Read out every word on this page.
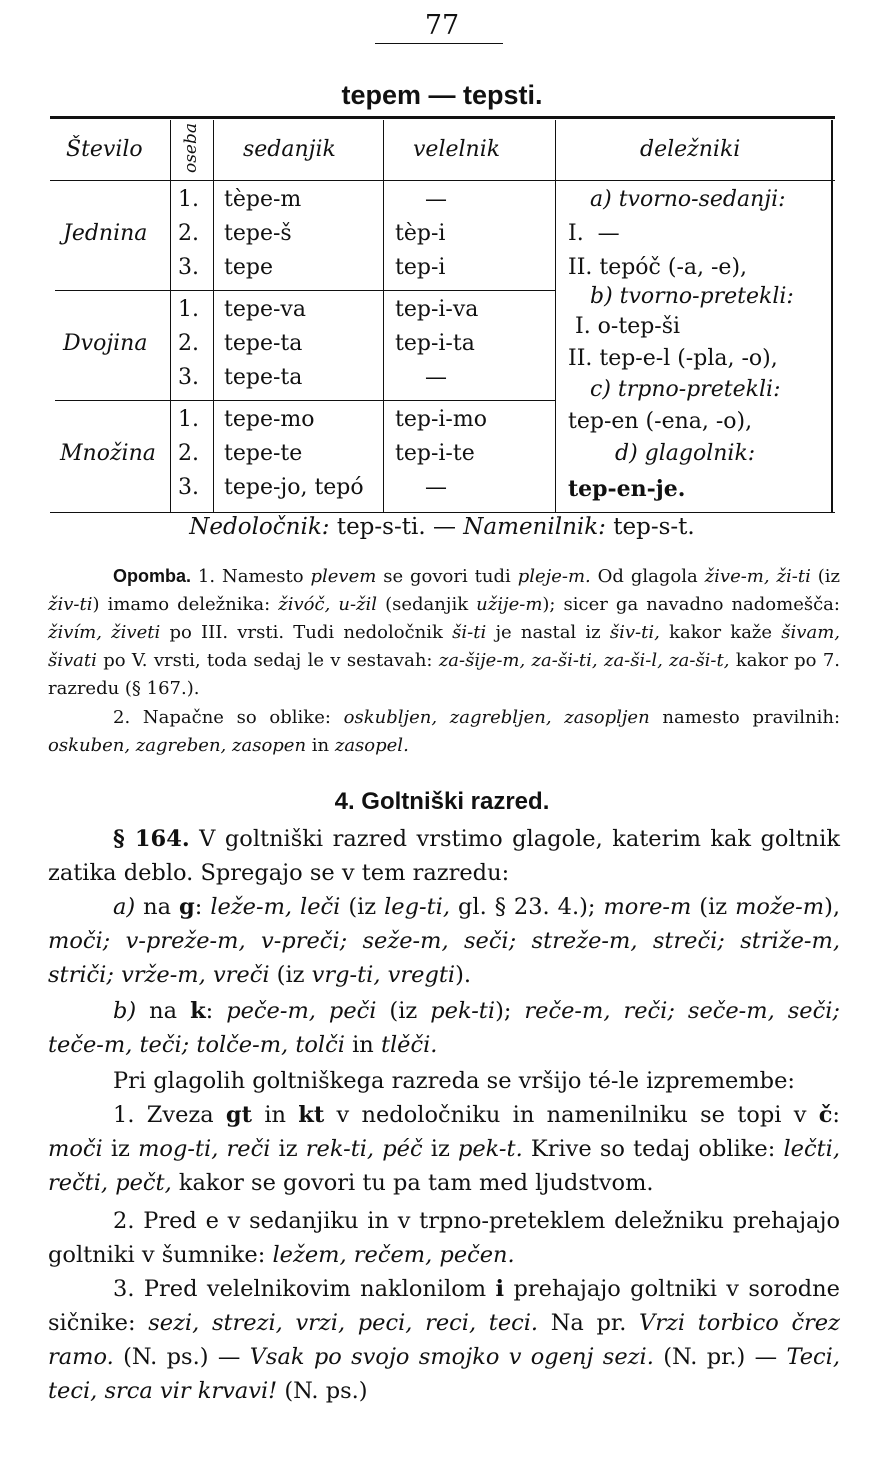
77
tepem — tepsti.
Število oseba sedanjik	velelnik	deležniki
Jednina
Dvojina
Množina
1.
2.
3.
1.
2.
3.
1.
2.
3.
tèpe-m
tepe-š
tepe
tepe-va
tepe-ta
tepe-ta
tepe-mo
tepe-te
tepe-jo, tepó
—
tèp-i
tep-i
tep-i-va
tep-i-ta
—
tep-i-mo
tep-i-te
—
a) tvorno-sedanji:
I.  —
II. tepóč (-a, -e),
b) tvorno-pretekli:
I. o-tep-ši
II. tep-e-l (-pla, -o),
c) trpno-pretekli:
tep-en (-ena, -o),
d) glagolnik:
tep-en-je.
Nedoločnik: tep-s-ti. — Namenilnik: tep-s-t.
Opomba. 1. Namesto plevem se govori tudi pleje-m. Od glagola žive-m, ži-ti (iz živ-ti) imamo deležnika: živóč, u-žil (sedanjik užije-m); sicer ga navadno nadomešča: živím, živeti po III. vrsti. Tudi nedoločnik ši-ti je nastal iz šiv-ti, kakor kaže šivam, šivati po V. vrsti, toda sedaj le v sestavah: za-šije-m, za-ši-ti, za-ši-l, za-ši-t, kakor po 7. razredu (§ 167.).
2. Napačne so oblike: oskubljen, zagrebljen, zasopljen namesto pravilnih: oskuben, zagreben, zasopen in zasopel.
4. Goltniški razred.
§ 164. V goltniški razred vrstimo glagole, katerim kak goltnik zatika deblo. Spregajo se v tem razredu:
a) na g: leže-m, leči (iz leg-ti, gl. § 23. 4.); more-m (iz može-m), moči; v-preže-m, v-preči; seže-m, seči; streže-m, streči; striže-m, striči; vrže-m, vreči (iz vrg-ti, vregti).
b) na k: peče-m, peči (iz pek-ti); reče-m, reči; seče-m, seči; teče-m, teči; tolče-m, tolči in tlěči.
Pri glagolih goltniškega razreda se vršijo té-le izpremembe:
1. Zveza gt in kt v nedoločniku in namenilniku se topi v č: moči iz mog-ti, reči iz rek-ti, péč iz pek-t. Krive so tedaj oblike: lečti, rečti, pečt, kakor se govori tu pa tam med ljudstvom.
2. Pred e v sedanjiku in v trpno-preteklem deležniku prehajajo goltniki v šumnike: ležem, rečem, pečen.
3. Pred velelnikovim naklonilom i prehajajo goltniki v sorodne sičnike: sezi, strezi, vrzi, peci, reci, teci. Na pr. Vrzi torbico črez ramo. (N. ps.) — Vsak po svojo smojko v ogenj sezi. (N. pr.) — Teci, teci, srca vir krvavi! (N. ps.)
